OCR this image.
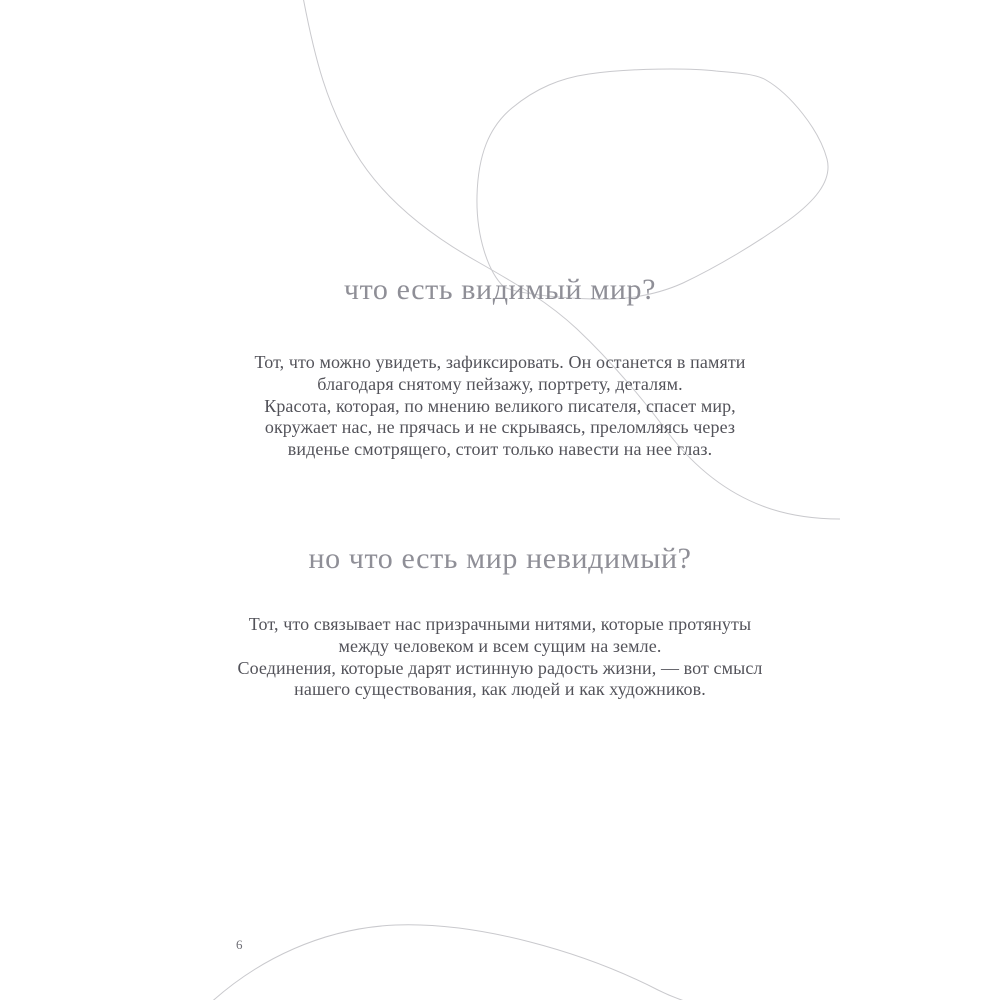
что есть видимый мир?
Тот, что можно увидеть, зафиксировать. Он останется в памяти
благодаря снятому пейзажу, портрету, деталям.
Красота, которая, по мнению великого писателя, спасет мир,
окружает нас, не прячась и не скрываясь, преломляясь через
виденье смотрящего, стоит только навести на нее глаз.
но что есть мир невидимый?
Тот, что связывает нас призрачными нитями, которые протянуты
между человеком и всем сущим на земле.
Соединения, которые дарят истинную радость жизни, — вот смысл
нашего существования, как людей и как художников.
6
